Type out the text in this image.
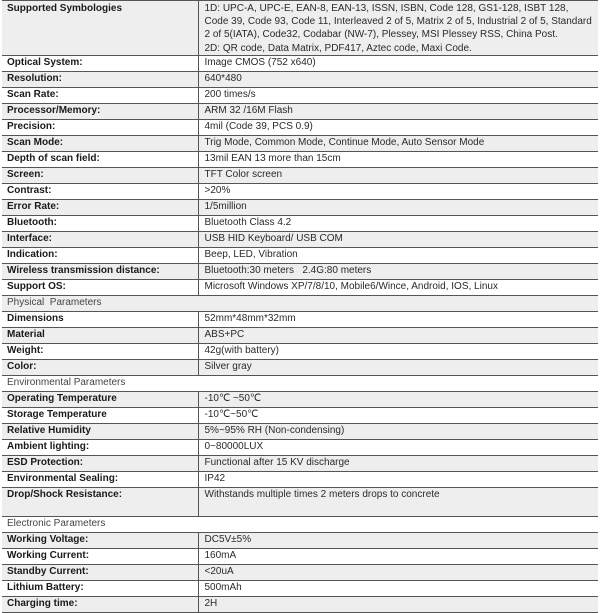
Supported Symbologies	1D: UPC-A, UPC-E, EAN-8, EAN-13, ISSN, ISBN, Code 128, GS1-128, ISBT 128, Code 39, Code 93, Code 11, Interleaved 2 of 5, Matrix 2 of 5, Industrial 2 of 5, Standard 2 of 5(IATA), Code32, Codabar (NW-7), Plessey, MSI Plessey RSS, China Post.
2D: QR code, Data Matrix, PDF417, Aztec code, Maxi Code.

Optical System:	Image CMOS (752 x640)
Resolution:	640*480
Scan Rate:	200 times/s
Processor/Memory:	ARM 32 /16M Flash
Precision:	4mil (Code 39, PCS 0.9)
Scan Mode:	Trig Mode, Common Mode, Continue Mode, Auto Sensor Mode
Depth of scan field:	13mil EAN 13 more than 15cm
Screen:	TFT Color screen
Contrast:	>20%
Error Rate:	1/5million
Bluetooth:	Bluetooth Class 4.2
Interface:	USB HID Keyboard/ USB COM
Indication:	Beep, LED, Vibration
Wireless transmission distance:	Bluetooth:30 meters   2.4G:80 meters
Support OS:	Microsoft Windows XP/7/8/10, Mobile6/Wince, Android, IOS, Linux
Physical  Parameters	
Dimensions	52mm*48mm*32mm
Material	ABS+PC
Weight:	42g(with battery)
Color:	Silver gray
Environmental Parameters	
Operating Temperature	-10℃ ~50℃
Storage Temperature	-10℃~50℃
Relative Humidity	5%~95% RH (Non-condensing)
Ambient lighting:	0~80000LUX
ESD Protection:	Functional after 15 KV discharge
Environmental Sealing:	IP42
Drop/Shock Resistance:	Withstands multiple times 2 meters drops to concrete
Electronic Parameters	
Working Voltage:	DC5V±5%
Working Current:	160mA
Standby Current:	<20uA
Lithium Battery:	500mAh
Charging time:	2H
